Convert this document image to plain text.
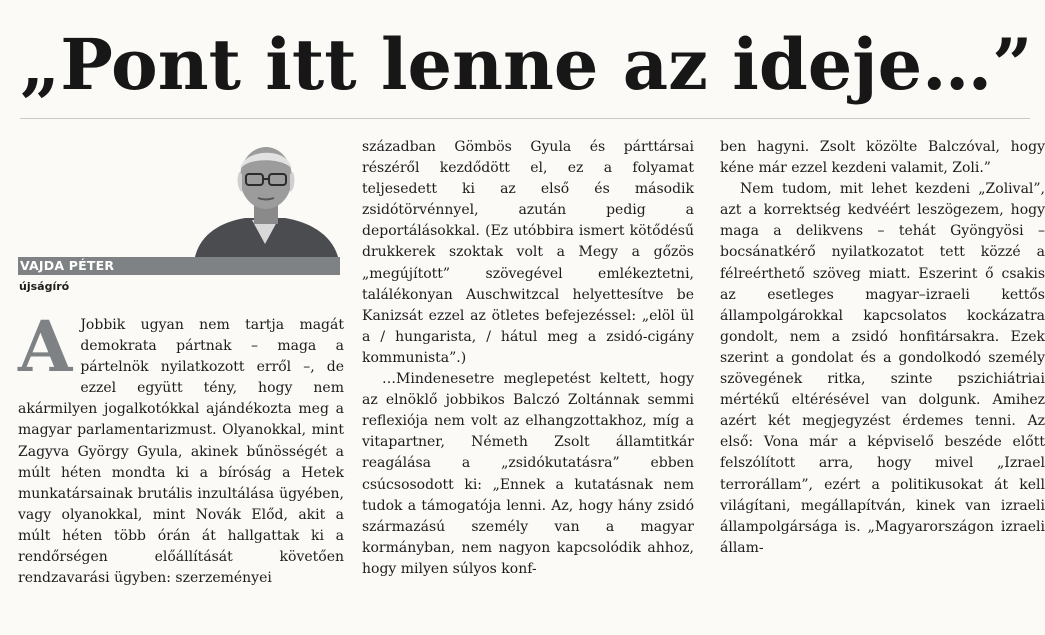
„Pont itt lenne az ideje…”
VAJDA PÉTER
újságíró
A Jobbik ugyan nem tartja magát demokrata pártnak – maga a pártelnök nyilatkozott erről –, de ezzel együtt tény, hogy nem akármilyen jogalkotókkal ajándékozta meg a magyar parlamentarizmust. Olyanokkal, mint Zagyva György Gyula, akinek bűnösségét a múlt héten mondta ki a bíróság a Hetek munkatársainak brutális inzultálása ügyében, vagy olyanokkal, mint Novák Előd, akit a múlt héten több órán át hallgattak ki a rendőrségen előállítását követően rendzavarási ügyben: szerzeményei

században Gömbös Gyula és párttársai részéről kezdődött el, ez a folyamat teljesedett ki az első és második zsidótörvénnyel, azután pedig a deportálásokkal. (Ez utóbbira ismert kötődésű drukkerek szoktak volt a Megy a gőzös „megújított” szövegével emlékeztetni, találékonyan Auschwitzcal helyettesítve be Kanizsát ezzel az ötletes befejezéssel: „elöl ül a / hungarista, / hátul meg a zsidó-cigány kommunista”.)

…Mindenesetre meglepetést keltett, hogy az elnöklő jobbikos Balczó Zoltánnak semmi reflexiója nem volt az elhangzottakhoz, míg a vitapartner, Németh Zsolt államtitkár reagálása a „zsidókutatásra” ebben csúcsosodott ki: „Ennek a kutatásnak nem tudok a támogatója lenni. Az, hogy hány zsidó származású személy van a magyar kormányban, nem nagyon kapcsolódik ahhoz, hogy milyen súlyos konf-

ben hagyni. Zsolt közölte Balczóval, hogy kéne már ezzel kezdeni valamit, Zoli.”

Nem tudom, mit lehet kezdeni „Zolival”, azt a korrektség kedvéért leszögezem, hogy maga a delikvens – tehát Gyöngyösi – bocsánatkérő nyilatkozatot tett közzé a félreérthető szöveg miatt. Eszerint ő csakis az esetleges magyar–izraeli kettős állampolgárokkal kapcsolatos kockázatra gondolt, nem a zsidó honfitársakra. Ezek szerint a gondolat és a gondolkodó személy szövegének ritka, szinte pszichiátriai mértékű eltérésével van dolgunk. Amihez azért két megjegyzést érdemes tenni. Az első: Vona már a képviselő beszéde előtt felszólított arra, hogy mivel „Izrael terrorállam”, ezért a politikusokat át kell világítani, megállapítván, kinek van izraeli állampolgársága is. „Magyarországon izraeli állam-
